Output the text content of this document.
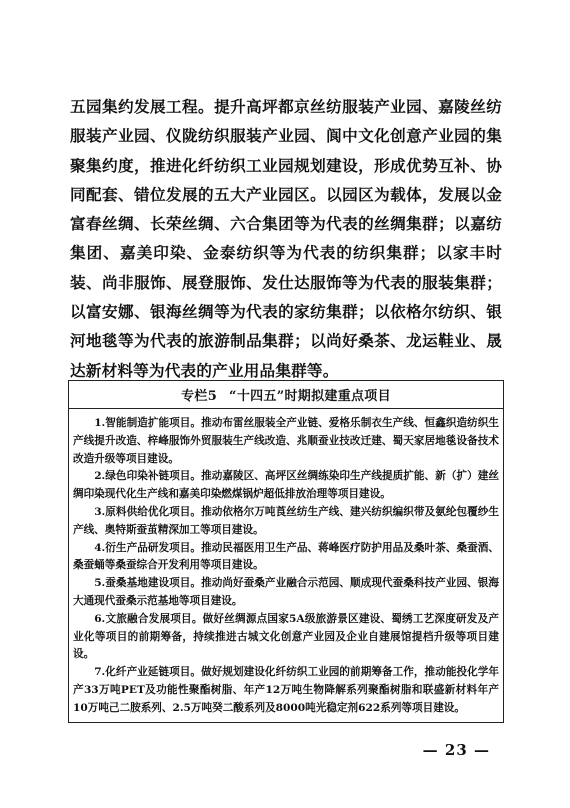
五园集约发展工程。提升高坪都京丝纺服装产业园、嘉陵丝纺服装产业园、仪陇纺织服装产业园、阆中文化创意产业园的集聚集约度，推进化纤纺织工业园规划建设，形成优势互补、协同配套、错位发展的五大产业园区。以园区为载体，发展以金富春丝绸、长荣丝绸、六合集团等为代表的丝绸集群；以嘉纺集团、嘉美印染、金泰纺织等为代表的纺织集群；以家丰时装、尚非服饰、展登服饰、发仕达服饰等为代表的服装集群；以富安娜、银海丝绸等为代表的家纺集群；以依格尔纺织、银河地毯等为代表的旅游制品集群；以尚好桑茶、龙运鞋业、晟达新材料等为代表的产业用品集群等。

专栏5 “十四五”时期拟建重点项目

1.智能制造扩能项目。推动布雷丝服装全产业链、爱格乐制衣生产线、恒鑫织造纺织生产线提升改造、梓峰服饰外贸服装生产线改造、兆顺蚕业技改迁建、蜀天家居地毯设备技术改造升级等项目建设。

2.绿色印染补链项目。推动嘉陵区、高坪区丝绸练染印生产线提质扩能、新（扩）建丝绸印染现代化生产线和嘉美印染燃煤锅炉超低排放治理等项目建设。

3.原料供给优化项目。推动依格尔万吨莨丝纺生产线、建兴纺织编织带及氨纶包覆纱生产线、奥特斯蚕茧精深加工等项目建设。

4.衍生产品研发项目。推动民福医用卫生产品、蒋峰医疗防护用品及桑叶茶、桑蚕酒、桑蚕蛹等桑蚕综合开发利用等项目建设。

5.蚕桑基地建设项目。推动尚好蚕桑产业融合示范园、顺成现代蚕桑科技产业园、银海大通现代蚕桑示范基地等项目建设。

6.文旅融合发展项目。做好丝绸源点国家5A级旅游景区建设、蜀绣工艺深度研发及产业化等项目的前期筹备，持续推进古城文化创意产业园及企业自建展馆提档升级等项目建设。

7.化纤产业延链项目。做好规划建设化纤纺织工业园的前期筹备工作，推动能投化学年产33万吨PET及功能性聚酯树脂、年产12万吨生物降解系列聚酯树脂和联盛新材料年产10万吨己二胺系列、2.5万吨癸二酸系列及8000吨光稳定剂622系列等项目建设。

— 23 —
